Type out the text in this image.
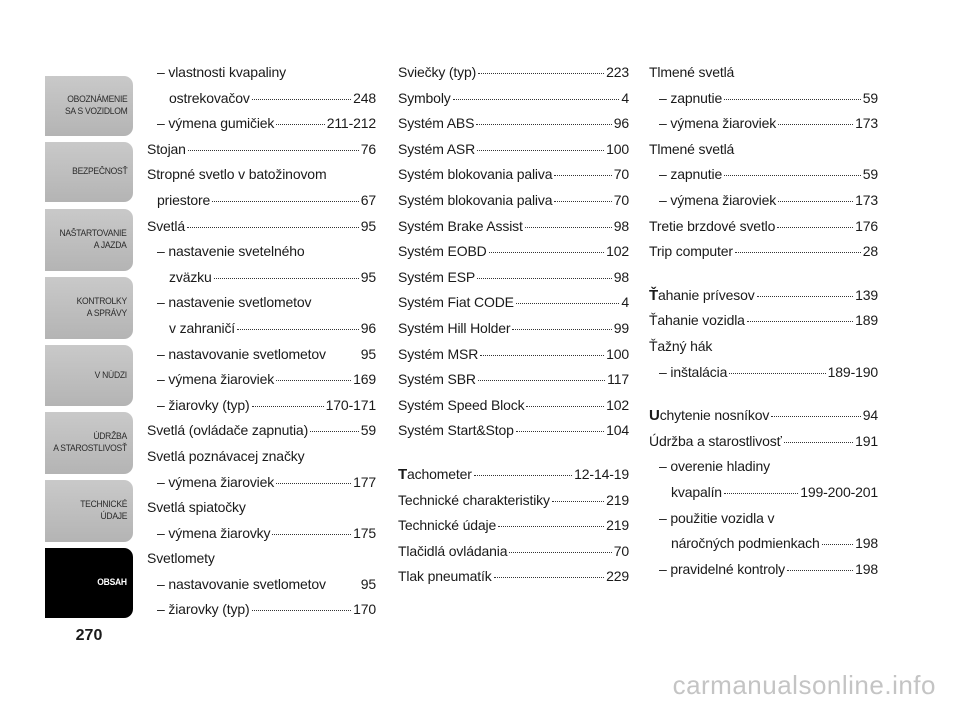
OBOZNÁMENIE
SA S VOZIDLOM
BEZPEČNOSŤ
NAŠTARTOVANIE
A JAZDA
KONTROLKY
A SPRÁVY
V NÚDZI
ÚDRŽBA
A STAROSTLIVOSŤ
TECHNICKÉ
ÚDAJE
OBSAH
270
– vlastnosti kvapaliny
ostrekovačov	248
– výmena gumičiek	211-212
Stojan	76
Stropné svetlo v batožinovom
priestore	67
Svetlá	95
– nastavenie svetelného
zväzku	95
– nastavenie svetlometov
v zahraničí	96
– nastavovanie svetlometov 95
– výmena žiaroviek	169
– žiarovky (typ)	170-171
Svetlá (ovládače zapnutia)	59
Svetlá poznávacej značky
– výmena žiaroviek	177
Svetlá spiatočky
– výmena žiarovky	175
Svetlomety
– nastavovanie svetlometov 95
– žiarovky (typ)	170
Sviečky (typ)	223
Symboly	4
Systém ABS	96
Systém ASR	100
Systém blokovania paliva	70
Systém blokovania paliva	70
Systém Brake Assist	98
Systém EOBD	102
Systém ESP	98
Systém Fiat CODE	4
Systém Hill Holder	99
Systém MSR	100
Systém SBR	117
Systém Speed Block	102
Systém Start&Stop	104
Tachometer	12-14-19
Technické charakteristiky	219
Technické údaje	219
Tlačidlá ovládania	70
Tlak pneumatík	229
Tlmené svetlá
– zapnutie	59
– výmena žiaroviek	173
Tlmené svetlá
– zapnutie	59
– výmena žiaroviek	173
Tretie brzdové svetlo	176
Trip computer	28
Ťahanie prívesov	139
Ťahanie vozidla	189
Ťažný hák
– inštalácia	189-190
Uchytenie nosníkov	94
Údržba a starostlivosť	191
– overenie hladiny
kvapalín	199-200-201
– použitie vozidla v
náročných podmienkach	198
– pravidelné kontroly	198
carmanualsonline.info
